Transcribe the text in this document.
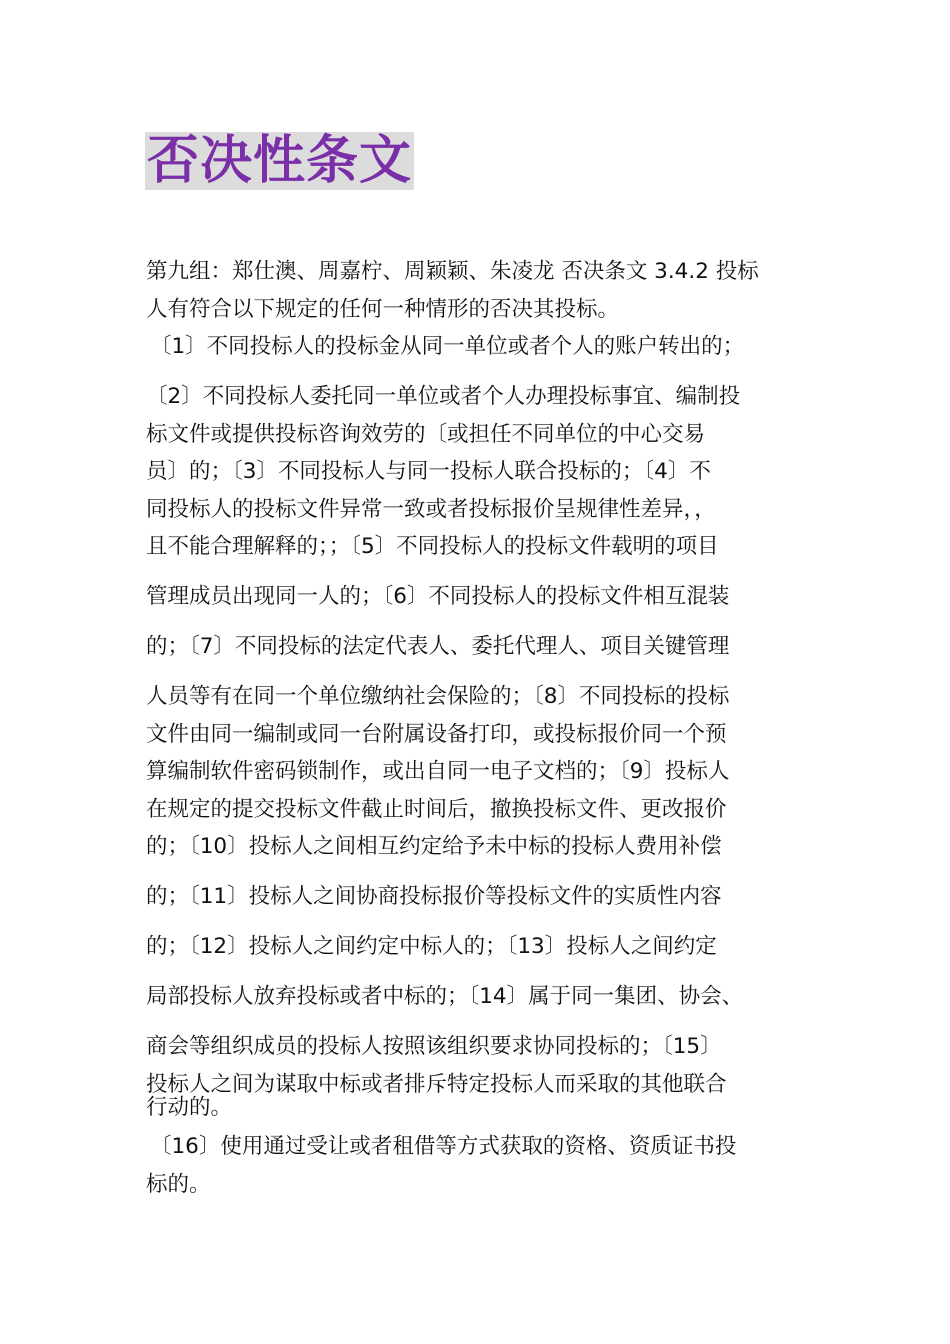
否决性条文
第九组：郑仕澳、周嘉柠、周颖颖、朱凌龙 否决条文 3.4.2 投标
人有符合以下规定的任何一种情形的否决其投标。
〔1〕不同投标人的投标金从同一单位或者个人的账户转出的；
〔2〕不同投标人委托同一单位或者个人办理投标事宜、编制投
标文件或提供投标咨询效劳的〔或担任不同单位的中心交易
员〕的；〔3〕不同投标人与同一投标人联合投标的；〔4〕不
同投标人的投标文件异常一致或者投标报价呈规律性差异，，
且不能合理解释的；；〔5〕不同投标人的投标文件载明的项目
管理成员出现同一人的；〔6〕不同投标人的投标文件相互混装
的；〔7〕不同投标的法定代表人、委托代理人、项目关键管理
人员等有在同一个单位缴纳社会保险的；〔8〕不同投标的投标
文件由同一编制或同一台附属设备打印，或投标报价同一个预
算编制软件密码锁制作，或出自同一电子文档的；〔9〕投标人
在规定的提交投标文件截止时间后，撤换投标文件、更改报价
的；〔10〕投标人之间相互约定给予未中标的投标人费用补偿
的；〔11〕投标人之间协商投标报价等投标文件的实质性内容
的；〔12〕投标人之间约定中标人的；〔13〕投标人之间约定
局部投标人放弃投标或者中标的；〔14〕属于同一集团、协会、
商会等组织成员的投标人按照该组织要求协同投标的；〔15〕
投标人之间为谋取中标或者排斥特定投标人而采取的其他联合
行动的。
〔16〕使用通过受让或者租借等方式获取的资格、资质证书投
标的。
